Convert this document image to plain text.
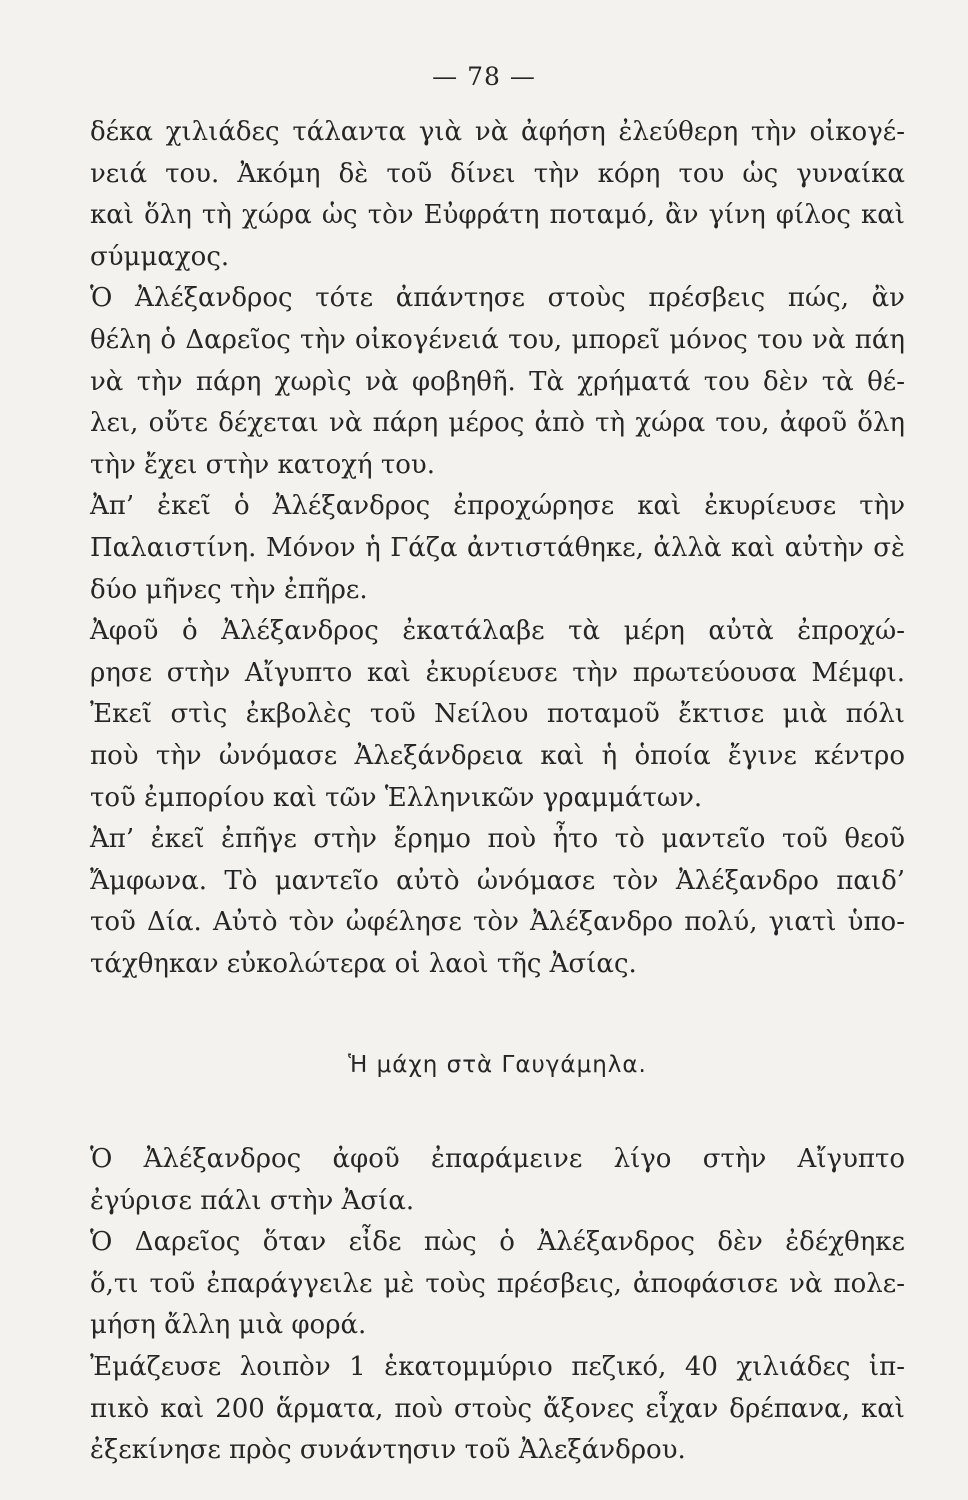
— 78 —
δέκα χιλιάδες τάλαντα γιὰ νὰ ἀφήση ἐλεύθερη τὴν οἰκογέ-
νειά του. Ἀκόμη δὲ τοῦ δίνει τὴν κόρη του ὡς γυναίκα
καὶ ὅλη τὴ χώρα ὡς τὸν Εὐφράτη ποταμό, ἂν γίνη φίλος καὶ
σύμμαχος.
Ὁ Ἀλέξανδρος τότε ἀπάντησε στοὺς πρέσβεις πώς, ἂν
θέλη ὁ Δαρεῖος τὴν οἰκογένειά του, μπορεῖ μόνος του νὰ πάη
νὰ τὴν πάρη χωρὶς νὰ φοβηθῆ. Τὰ χρήματά του δὲν τὰ θέ-
λει, οὔτε δέχεται νὰ πάρη μέρος ἀπὸ τὴ χώρα του, ἀφοῦ ὅλη
τὴν ἔχει στὴν κατοχή του.
Ἀπ’ ἐκεῖ ὁ Ἀλέξανδρος ἐπροχώρησε καὶ ἐκυρίευσε τὴν
Παλαιστίνη. Μόνον ἡ Γάζα ἀντιστάθηκε, ἀλλὰ καὶ αὐτὴν σὲ
δύο μῆνες τὴν ἐπῆρε.
Ἀφοῦ ὁ Ἀλέξανδρος ἐκατάλαβε τὰ μέρη αὐτὰ ἐπροχώ-
ρησε στὴν Αἴγυπτο καὶ ἐκυρίευσε τὴν πρωτεύουσα Μέμφι.
Ἐκεῖ στὶς ἐκβολὲς τοῦ Νείλου ποταμοῦ ἔκτισε μιὰ πόλι
ποὺ τὴν ὠνόμασε Ἀλεξάνδρεια καὶ ἡ ὁποία ἔγινε κέντρο
τοῦ ἐμπορίου καὶ τῶν Ἑλληνικῶν γραμμάτων.
Ἀπ’ ἐκεῖ ἐπῆγε στὴν ἔρημο ποὺ ἦτο τὸ μαντεῖο τοῦ θεοῦ
Ἄμφωνα. Τὸ μαντεῖο αὐτὸ ὠνόμασε τὸν Ἀλέξανδρο παιδ’
τοῦ Δία. Αὐτὸ τὸν ὠφέλησε τὸν Ἀλέξανδρο πολύ, γιατὶ ὑπο-
τάχθηκαν εὐκολώτερα οἱ λαοὶ τῆς Ἀσίας.
Ἡ μάχη στὰ Γαυγάμηλα.
Ὁ Ἀλέξανδρος ἀφοῦ ἐπαράμεινε λίγο στὴν Αἴγυπτο
ἐγύρισε πάλι στὴν Ἀσία.
Ὁ Δαρεῖος ὅταν εἶδε πὼς ὁ Ἀλέξανδρος δὲν ἐδέχθηκε
ὅ,τι τοῦ ἐπαράγγειλε μὲ τοὺς πρέσβεις, ἀποφάσισε νὰ πολε-
μήση ἄλλη μιὰ φορά.
Ἐμάζευσε λοιπὸν 1 ἑκατομμύριο πεζικό, 40 χιλιάδες ἱπ-
πικὸ καὶ 200 ἅρματα, ποὺ στοὺς ἄξονες εἶχαν δρέπανα, καὶ
ἐξεκίνησε πρὸς συνάντησιν τοῦ Ἀλεξάνδρου.
